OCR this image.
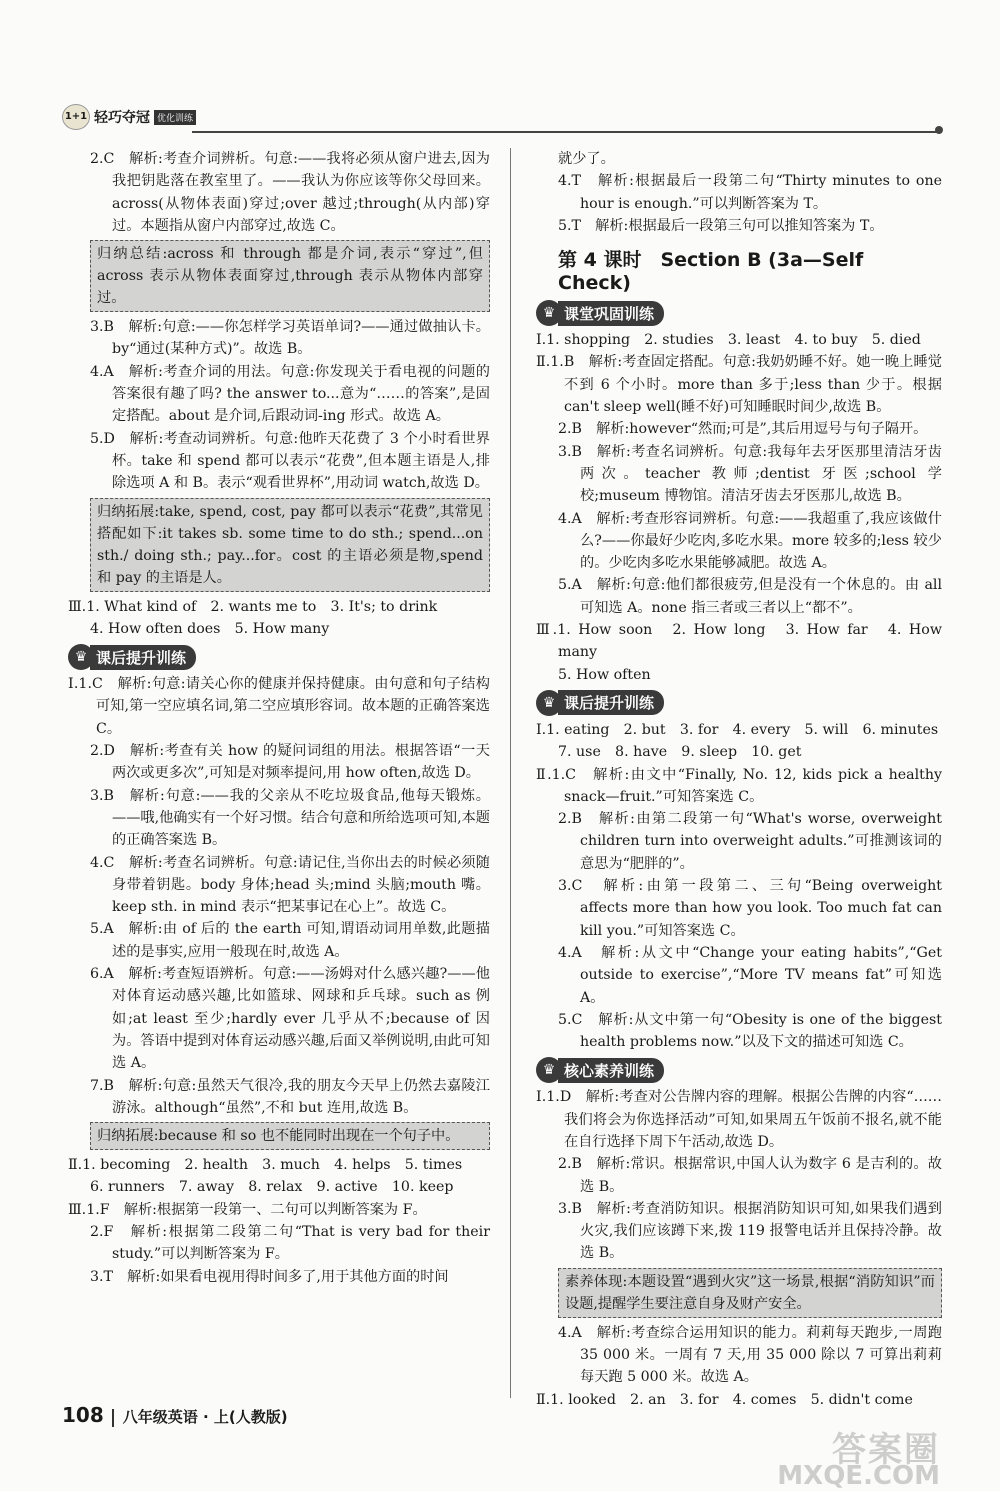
1+1 轻巧夺冠 优化训练

2.C　解析:考查介词辨析。句意:——我将必须从窗户进去,因为我把钥匙落在教室里了。——我认为你应该等你父母回来。across(从物体表面)穿过;over 越过;through(从内部)穿过。本题指从窗户内部穿过,故选 C。

归纳总结:across 和 through 都是介词,表示“穿过”,但 across 表示从物体表面穿过,through 表示从物体内部穿过。

3.B　解析:句意:——你怎样学习英语单词?——通过做抽认卡。by“通过(某种方式)”。故选 B。

4.A　解析:考查介词的用法。句意:你发现关于看电视的问题的答案很有趣了吗? the answer to...意为“……的答案”,是固定搭配。about 是介词,后跟动词-ing 形式。故选 A。

5.D　解析:考查动词辨析。句意:他昨天花费了 3 个小时看世界杯。take 和 spend 都可以表示“花费”,但本题主语是人,排除选项 A 和 B。表示“观看世界杯”,用动词 watch,故选 D。

归纳拓展:take, spend, cost, pay 都可以表示“花费”,其常见搭配如下:it takes sb. some time to do sth.; spend...on sth./ doing sth.; pay...for。cost 的主语必须是物,spend 和 pay 的主语是人。

Ⅲ.1. What kind of　2. wants me to　3. It's; to drink

4. How often does　5. How many

♛ 课后提升训练

Ⅰ.1.C　解析:句意:请关心你的健康并保持健康。由句意和句子结构可知,第一空应填名词,第二空应填形容词。故本题的正确答案选 C。

2.D　解析:考查有关 how 的疑问词组的用法。根据答语“一天两次或更多次”,可知是对频率提问,用 how often,故选 D。

3.B　解析:句意:——我的父亲从不吃垃圾食品,他每天锻炼。——哦,他确实有一个好习惯。结合句意和所给选项可知,本题的正确答案选 B。

4.C　解析:考查名词辨析。句意:请记住,当你出去的时候必须随身带着钥匙。body 身体;head 头;mind 头脑;mouth 嘴。keep sth. in mind 表示“把某事记在心上”。故选 C。

5.A　解析:由 of 后的 the earth 可知,谓语动词用单数,此题描述的是事实,应用一般现在时,故选 A。

6.A　解析:考查短语辨析。句意:——汤姆对什么感兴趣?——他对体育运动感兴趣,比如篮球、网球和乒乓球。such as 例如;at least 至少;hardly ever 几乎从不;because of 因为。答语中提到对体育运动感兴趣,后面又举例说明,由此可知选 A。

7.B　解析:句意:虽然天气很冷,我的朋友今天早上仍然去嘉陵江游泳。although“虽然”,不和 but 连用,故选 B。

归纳拓展:because 和 so 也不能同时出现在一个句子中。

Ⅱ.1. becoming　2. health　3. much　4. helps　5. times

6. runners　7. away　8. relax　9. active　10. keep

Ⅲ.1.F　解析:根据第一段第一、二句可以判断答案为 F。

2.F　解析:根据第二段第二句“That is very bad for their study.”可以判断答案为 F。

3.T　解析:如果看电视用得时间多了,用于其他方面的时间

就少了。

4.T　解析:根据最后一段第二句“Thirty minutes to one hour is enough.”可以判断答案为 T。

5.T　解析:根据最后一段第三句可以推知答案为 T。

第 4 课时　Section B (3a—Self Check)
♛ 课堂巩固训练

Ⅰ.1. shopping　2. studies　3. least　4. to buy　5. died

Ⅱ.1.B　解析:考查固定搭配。句意:我奶奶睡不好。她一晚上睡觉不到 6 个小时。more than 多于;less than 少于。根据 can't sleep well(睡不好)可知睡眠时间少,故选 B。

2.B　解析:however“然而;可是”,其后用逗号与句子隔开。

3.B　解析:考查名词辨析。句意:我每年去牙医那里清洁牙齿两次。teacher 教师;dentist 牙医;school 学校;museum 博物馆。清洁牙齿去牙医那儿,故选 B。

4.A　解析:考查形容词辨析。句意:——我超重了,我应该做什么?——你最好少吃肉,多吃水果。more 较多的;less 较少的。少吃肉多吃水果能够减肥。故选 A。

5.A　解析:句意:他们都很疲劳,但是没有一个休息的。由 all 可知选 A。none 指三者或三者以上“都不”。

Ⅲ.1. How soon　2. How long　3. How far　4. How many

5. How often

♛ 课后提升训练

Ⅰ.1. eating　2. but　3. for　4. every　5. will　6. minutes

7. use　8. have　9. sleep　10. get

Ⅱ.1.C　解析:由文中“Finally, No. 12, kids pick a healthy snack—fruit.”可知答案选 C。

2.B　解析:由第二段第一句“What's worse, overweight children turn into overweight adults.”可推测该词的意思为“肥胖的”。

3.C　解析:由第一段第二、三句“Being overweight affects more than how you look. Too much fat can kill you.”可知答案选 C。

4.A　解析:从文中“Change your eating habits”,“Get outside to exercise”,“More TV means fat”可知选 A。

5.C　解析:从文中第一句“Obesity is one of the biggest health problems now.”以及下文的描述可知选 C。

♛ 核心素养训练

Ⅰ.1.D　解析:考查对公告牌内容的理解。根据公告牌的内容“……我们将会为你选择活动”可知,如果周五午饭前不报名,就不能在自行选择下周下午活动,故选 D。

2.B　解析:常识。根据常识,中国人认为数字 6 是吉利的。故选 B。

3.B　解析:考查消防知识。根据消防知识可知,如果我们遇到火灾,我们应该蹲下来,拨 119 报警电话并且保持冷静。故选 B。

素养体现:本题设置“遇到火灾”这一场景,根据“消防知识”而设题,提醒学生要注意自身及财产安全。

4.A　解析:考查综合运用知识的能力。莉莉每天跑步,一周跑 35 000 米。一周有 7 天,用 35 000 除以 7 可算出莉莉每天跑 5 000 米。故选 A。

Ⅱ.1. looked　2. an　3. for　4. comes　5. didn't come

108 八年级英语 · 上(人教版)
答案圈
MXQE.COM
